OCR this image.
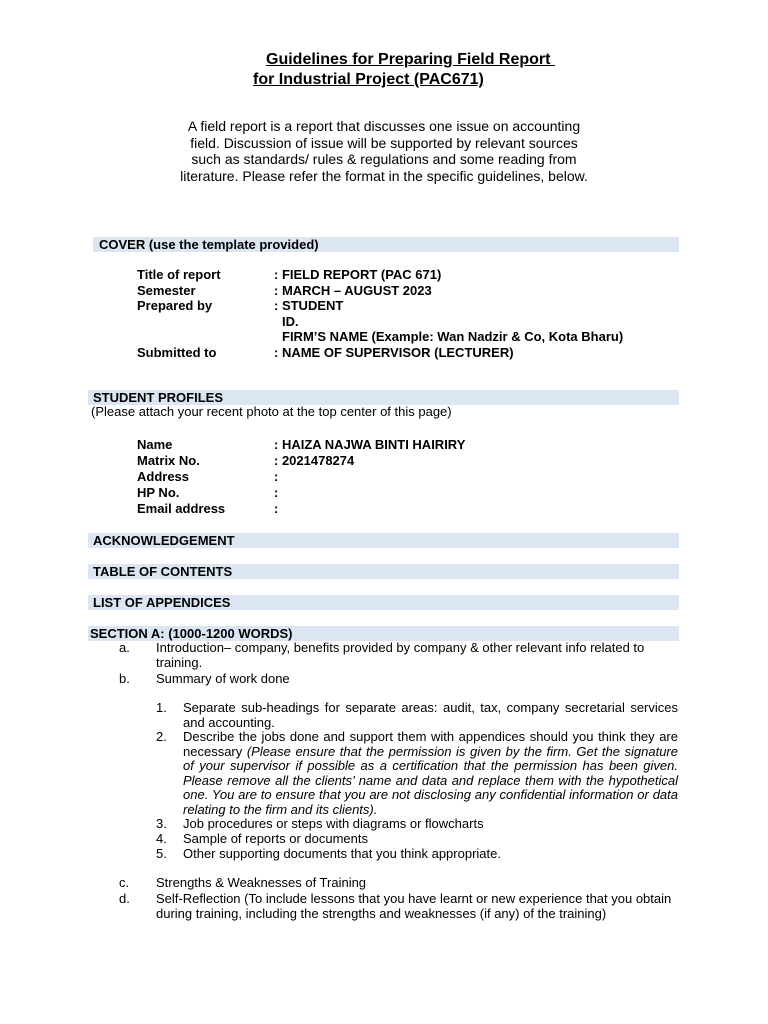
Guidelines for Preparing Field Report
for Industrial Project (PAC671)
A field report is a report that discusses one issue on accounting field. Discussion of issue will be supported by relevant sources such as standards/ rules & regulations and some reading from literature. Please refer the format in the specific guidelines, below.
COVER (use the template provided)
Title of report	: FIELD REPORT (PAC 671)
Semester	: MARCH – AUGUST 2023
Prepared by	: STUDENT
ID.
FIRM’S NAME (Example: Wan Nadzir & Co, Kota Bharu)
Submitted to	: NAME OF SUPERVISOR (LECTURER)
STUDENT PROFILES
(Please attach your recent photo at the top center of this page)
Name	: HAIZA NAJWA BINTI HAIRIRY
Matrix No.	: 2021478274
Address	:
HP No.	:
Email address	:
ACKNOWLEDGEMENT
TABLE OF CONTENTS
LIST OF APPENDICES
SECTION A: (1000-1200 WORDS)
a. Introduction– company, benefits provided by company & other relevant info related to training.
b. Summary of work done
1. Separate sub-headings for separate areas: audit, tax, company secretarial services and accounting.
2. Describe the jobs done and support them with appendices should you think they are necessary (Please ensure that the permission is given by the firm. Get the signature of your supervisor if possible as a certification that the permission has been given. Please remove all the clients’ name and data and replace them with the hypothetical one. You are to ensure that you are not disclosing any confidential information or data relating to the firm and its clients).
3. Job procedures or steps with diagrams or flowcharts
4. Sample of reports or documents
5. Other supporting documents that you think appropriate.
c. Strengths & Weaknesses of Training
d. Self-Reflection (To include lessons that you have learnt or new experience that you obtain during training, including the strengths and weaknesses (if any) of the training)
